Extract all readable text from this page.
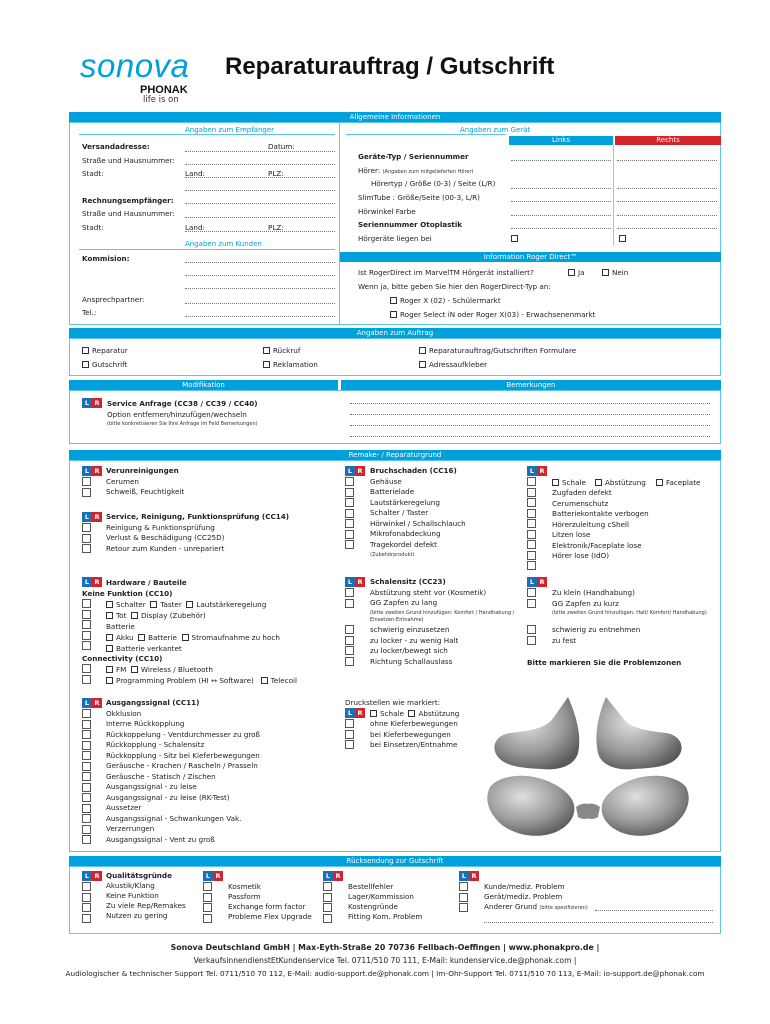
sonova
PHONAK
life is on
Reparaturauftrag / Gutschrift
Allgemeine Informationen
Angaben zum Empfänger	Angaben zum Gerät
Links	Rechts
Versandadresse:	Datum:
Straße und Hausnummer:
Stadt:	Land:	PLZ:
Rechnungsempfänger:
Straße und Hausnummer:
Stadt:	Land:	PLZ:
Angaben zum Kunden
Kommision:
Ansprechpartner:
Tel.:
Geräte-Typ / Seriennummer
Hörer: (Angaben zum mitgelieferten Hörer)
Hörertyp / Größe (0-3) / Seite (L/R)
SlimTube : Größe/Seite (00-3, L/R)
Hörwinkel Farbe
Seriennummer Otoplastik
Hörgeräte liegen bei
Information Roger Direct™
Ist RogerDirect im MarvelTM Hörgerät installiert?	Ja	Nein
Wenn ja, bitte geben Sie hier den RogerDirect-Typ an:
Roger X (02) - Schülermarkt
Roger Select iN oder Roger X(03) - Erwachsenenmarkt
Angaben zum Auftrag
Reparatur
Gutschrift
Rückruf
Reklamation
Reparaturauftrag/Gutschriften Formulare
Adressaufkleber
Modifikation	Bemerkungen
L R	Service Anfrage (CC38 / CC39 / CC40)
Option entfernen/hinzufügen/wechseln
(bitte konkretisieren Sie Ihre Anfrage im Feld Bemerkungen)
Remake- / Reparaturgrund
L R Verunreinigungen
Cerumen
Schweiß, Feuchtigkeit
L R Service, Reinigung, Funktionsprüfung (CC14)
Reinigung & Funktionsprüfung
Verlust & Beschädigung (CC25D)
Retour zum Kunden - unrepariert
L R	Bruchschaden (CC16)
Gehäuse
Batterielade
Lautstärkeregelung
Schalter / Taster
Hörwinkel / Schallschlauch
Mikrofonabdeckung
Tragekordel defekt
(Zubehörprodukt)
L R
Schale	Abstützung	Faceplate
Zugfaden defekt
Cerumenschutz
Batteriekontakte verbogen
Hörerzuleitung cShell
Litzen lose
Elektronik/Faceplate lose
Hörer lose (IdO)
L R Hardware / Bauteile
Keine Funktion (CC10)
Schalter Taster Lautstärkeregelung
Tot Display (Zubehör)
Batterie
Akku Batterie Stromaufnahme zu hoch
Batterie verkantet
Connectivity (CC10)
FM Wireless / Bluetooth
Programming Problem (HI ↔ Software) Telecoil
L R	Schalensitz (CC23)
Abstützung steht vor (Kosmetik)
GG Zapfen zu lang
(bitte zweiten Grund hinzufügen: Komfort / Handhabung / Einsetzen-Entnahme)
schwierig einzusetzen
zu locker - zu wenig Halt
zu locker/bewegt sich
Richtung Schallauslass
L R
Zu klein (Handhabung)
GG Zapfen zu kurz
(bitte zweiten Grund hinzufügen: Halt/ Komfort/ Handhabung)
schwierig zu entnehmen
zu fest
Bitte markieren Sie die Problemzonen
L R Ausgangssignal (CC11)
Okklusion
Interne Rückkopplung
Rückkoppelung - Ventdurchmesser zu groß
Rückkopplung - Schalensitz
Rückkopplung - Sitz bei Kieferbewegungen
Geräusche - Krachen / Rascheln / Prasseln
Geräusche - Statisch / Zischen
Ausgangssignal - zu leise
Ausgangssignal - zu leise (RK-Test)
Aussetzer
Ausgangssignal - Schwankungen Vak.
Verzerrungen
Ausgangssignal - Vent zu groß
Druckstellen wie markiert:
L R	Schale Abstützung
ohne Kieferbewegungen
bei Kieferbewegungen
bei Einsetzen/Entnahme
Rücksendung zur Gutschrift
L R Qualitätsgründe
Akustik/Klang
Keine Funktion
Zu viele Rep/Remakes
Nutzen zu gering
L R
Kosmetik
Passform
Exchange form factor
Probleme Flex Upgrade
L R
Bestellfehler
Lager/Kommission
Kostengründe
Fitting Kom. Problem
L R
Kunde/mediz. Problem
Gerät/mediz. Problem
Anderer Grund (bitte spezifizieren)
Sonova Deutschland GmbH | Max-Eyth-Straße 20 70736 Fellbach-Oeffingen | www.phonakpro.de |
VerkaufsinnendienstEtKundenservice Tel. 0711/510 70 111, E-Mail: kundenservice.de@phonak.com |
Audiologischer & technischer Support Tel. 0711/510 70 112, E-Mail: audio-support.de@phonak.com | Im-Ohr-Support Tel. 0711/510 70 113, E-Mail: io-support.de@phonak.com
